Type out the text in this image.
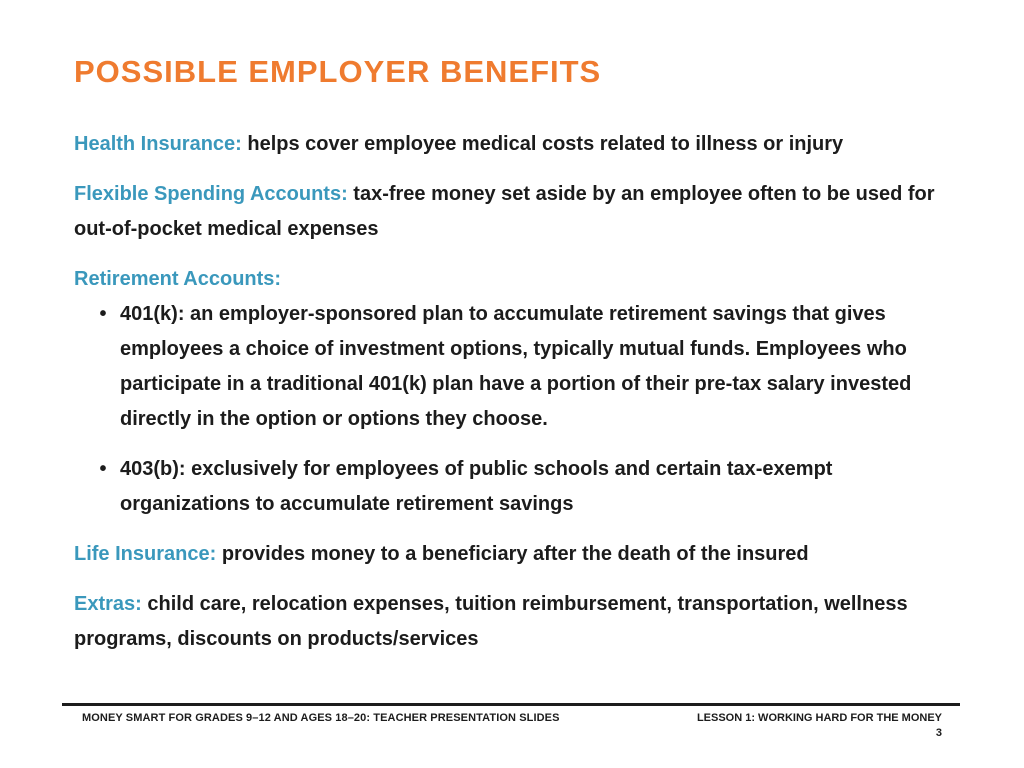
POSSIBLE EMPLOYER BENEFITS

Health Insurance: helps cover employee medical costs related to illness or injury

Flexible Spending Accounts: tax-free money set aside by an employee often to be used for out-of-pocket medical expenses

Retirement Accounts:

• 401(k): an employer-sponsored plan to accumulate retirement savings that gives employees a choice of investment options, typically mutual funds. Employees who participate in a traditional 401(k) plan have a portion of their pre-tax salary invested directly in the option or options they choose.
• 403(b): exclusively for employees of public schools and certain tax-exempt organizations to accumulate retirement savings

Life Insurance: provides money to a beneficiary after the death of the insured

Extras: child care, relocation expenses, tuition reimbursement, transportation, wellness programs, discounts on products/services

MONEY SMART FOR GRADES 9–12 AND AGES 18–20: TEACHER PRESENTATION SLIDES	LESSON 1: WORKING HARD FOR THE MONEY
3
